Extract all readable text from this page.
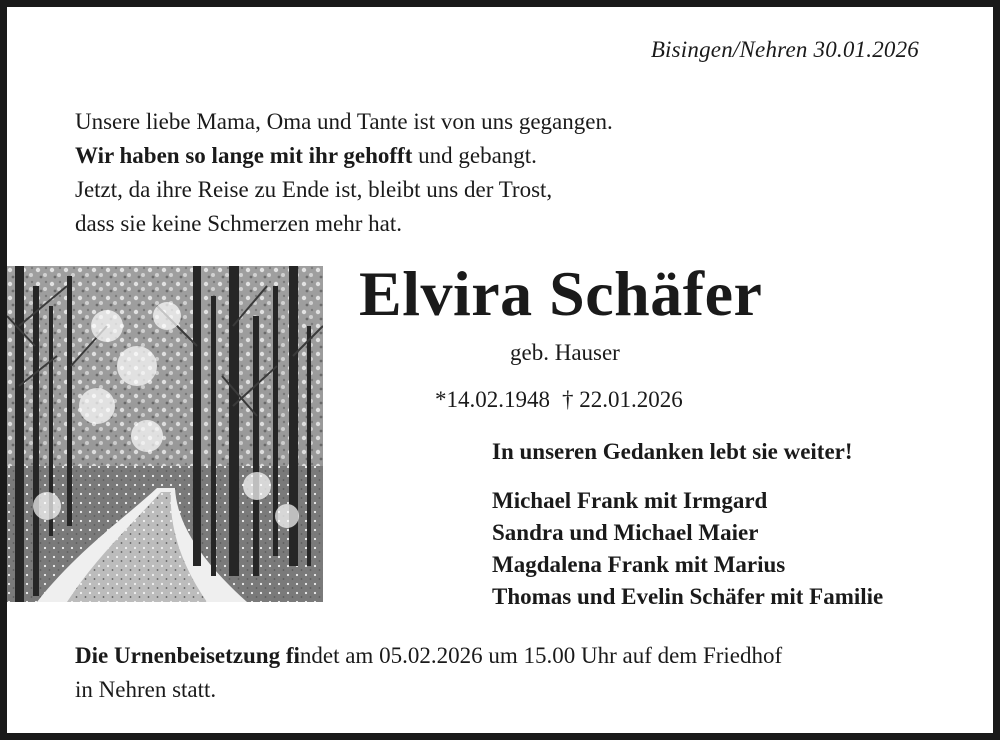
Bisingen/Nehren 30.01.2026
Unsere liebe Mama, Oma und Tante ist von uns gegangen.
Wir haben so lange mit ihr gehofft und gebangt.
Jetzt, da ihre Reise zu Ende ist, bleibt uns der Trost,
dass sie keine Schmerzen mehr hat.
Elvira Schäfer
geb. Hauser
*14.02.1948 † 22.01.2026
In unseren Gedanken lebt sie weiter!
Michael Frank mit Irmgard
Sandra und Michael Maier
Magdalena Frank mit Marius
Thomas und Evelin Schäfer mit Familie
Die Urnenbeisetzung findet am 05.02.2026 um 15.00 Uhr auf dem Friedhof
in Nehren statt.
